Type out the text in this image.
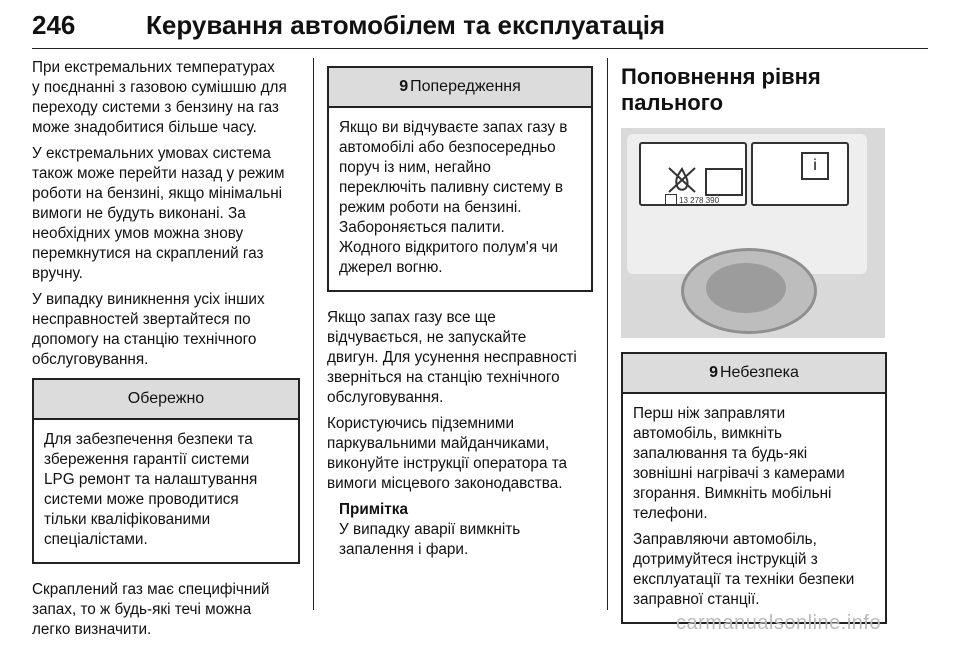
246	Керування автомобілем та експлуатація

При екстремальних температурах
у поєднанні з газовою сумішшю для
переходу системи з бензину на газ
може знадобитися більше часу.

У екстремальних умовах система
також може перейти назад у режим
роботи на бензині, якщо мінімальні
вимоги не будуть виконані. За
необхідних умов можна знову
перемкнутися на скраплений газ
вручну.

У випадку виникнення усіх інших
несправностей звертайтеся по
допомогу на станцію технічного
обслуговування.

Обережно

Для забезпечення безпеки та
збереження гарантії системи
LPG ремонт та налаштування
системи може проводитися
тільки кваліфікованими
спеціалістами.

Скраплений газ має специфічний
запах, то ж будь-які течі можна
легко визначити.

9 Попередження

Якщо ви відчуваєте запах газу в
автомобілі або безпосередньо
поруч із ним, негайно
переключіть паливну систему в
режим роботи на бензині.
Забороняється палити.
Жодного відкритого полум'я чи
джерел вогню.

Якщо запах газу все ще
відчувається, не запускайте
двигун. Для усунення несправності
зверніться на станцію технічного
обслуговування.

Користуючись підземними
паркувальними майданчиками,
виконуйте інструкції оператора та
вимоги місцевого законодавства.

Примітка

У випадку аварії вимкніть
запалення і фари.

Поповнення рівня
пального
13 278 390
i
9 Небезпека

Перш ніж заправляти
автомобіль, вимкніть
запалювання та будь-які
зовнішні нагрівачі з камерами
згорання. Вимкніть мобільні
телефони.

Заправляючи автомобіль,
дотримуйтеся інструкцій з
експлуатації та техніки безпеки
заправної станції.

carmanualsonline.info
